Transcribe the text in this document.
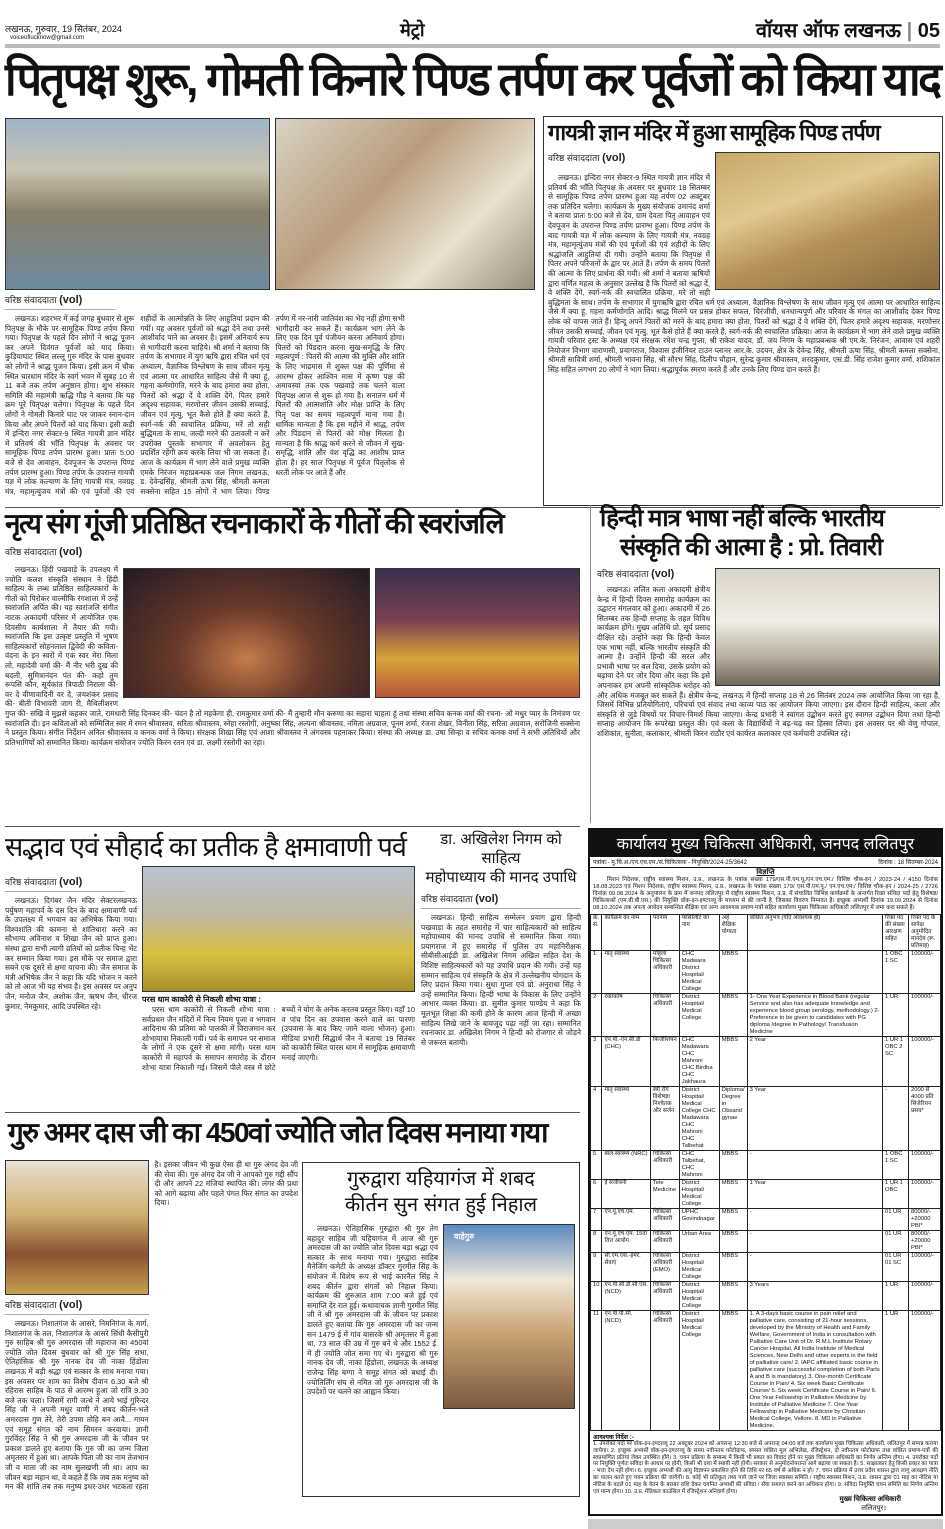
लखनऊ, गुरुवार, 19 सितंबर, 2024
voiceoflucknow@gmail.com	मेट्रो	वॉयस ऑफ लखनऊ | 05
पितृपक्ष शुरू, गोमती किनारे पिण्ड तर्पण कर पूर्वजों को किया याद
वरिष्ठ संवाददाता (vol)
लखनऊ। शहरभर में कई जगह बुधवार से शुरू पितृपक्ष के मौके पर सामूहिक पिण्ड तर्पण किया गया। पितृपक्ष के पहले दिन लोगों ने श्राद्ध पूजन कर अपने दिवंगत पूर्वजों को याद किया। कुड़ियाघाट स्थित लल्लू गुरु मंदिर के पास बुधवार को लोगों ने श्राद्ध पूजन किया। इसी क्रम में चौक स्थित चारधाम मंदिर के स्वर्ग भवन में सुबह 10 से 11 बजे तक तर्पण अनुष्ठान होगा। शुभ संस्कार समिति की महामंत्री ऋद्धि गौड़ ने बताया कि यह क्रम पूरे पितृपक्ष चलेगा। पितृपक्ष के पहले दिन लोगों ने गोमती किनारे घाट पर जाकर स्नान-दान किया और अपने पितरों को याद किया। इसी कड़ी में इन्दिरा नगर सेक्टर-9 स्थित गायत्री ज्ञान मंदिर में प्रतिवर्ष की भाँति पितृपक्ष के अवसर पर सामूहिक पिण्ड तर्पण प्रारम्भ हुआ। प्रातः 5:00 बजे से देव आवाहन, देवपूजन के उपरान्त पिण्ड तर्पण प्रारम्भ हुआ। पिण्ड तर्पण के उपरान्त गायत्री यज्ञ में लोक कल्याण के लिए गायत्री मंत्र, नवग्रह मंत्र, महामृत्युंजय मंत्रों की एवं पूर्वजों की एवं शहीदों के आत्मोन्नति के लिए आहुतियां प्रदान की गयीं। यह अवसर पूर्वजों को श्रद्धा देने तथा उनसे आशीर्वाद पाने का अवसर है। इसमें अनिवार्य रूप से भागीदारी करना चाहिये। श्री शर्मा ने बताया कि तर्पण के सभागार में युग ऋषि द्वारा रचित धर्म एवं अध्यात्म, वैज्ञानिक विश्लेषण के साथ जीवन मृत्यु एवं आत्मा पर आधारित साहित्य जैसे मैं क्या हूं, गहना कर्मणोगति, मरने के बाद हमारा क्या होता, पितरों को श्रद्धा दें वे शक्ति देंगे, पितर हमारे अदृश्य सहायक, मरणोत्तर जीवन उसकी सच्चाई, जीवन एवं मृत्यु, भूत कैसे होते हैं क्या करते हैं, स्वर्ग-नर्क की स्वचालित प्रक्रिया, मरें तो सही बुद्धिमता के साथ, जल्दी मरने की उतावली न करें उपरोक्त पुस्तकें सभागार में अवलोकन हेतु प्रदर्शित रहेंगी क्रय करके लिया भी जा सकता है। आज के कार्यक्रम में भाग लेने वाले प्रमुख व्यक्ति एमके निरंजन महाप्रबन्धक जल निगम लखनऊ, ड. देवेन्द्रसिंह, श्रीमती ऊषा सिंह, श्रीमती कमला सक्सेना सहित 15 लोगों ने भाग लिया। पिण्ड तर्पण में नर-नारी जातिवंश का भेद नहीं होगा सभी भागीदारी कर सकते हैं। कार्यक्रम भाग लेने के लिए एक दिन पूर्व पंजीयन करना अनिवार्य होगा। पितरों को पिंडदान करना सुख-समृद्धि के लिए महत्वपूर्ण : पितरों की आत्मा की मुक्ति और शांति के लिए भाद्रमास में शुक्ल पक्ष की पूर्णिमा से आरम्भ होकर आश्विन मास में कृष्ण पक्ष की अमावस्या तक एक पखवाड़े तक चलने वाला पितृपक्ष आज से शुरू हो गया है। सनातन धर्म में पितरों की आत्मशांति और मोक्ष प्राप्ति के लिए पितृ पक्ष का समय महत्वपूर्ण माना गया है। धार्मिक मान्यता है कि इस महीने में श्राद्ध, तर्पण और पिंडदान से पितरों को मोक्ष मिलता है। मान्यता है कि श्राद्ध कर्म करने से जीवन में सुख-समृद्धि, शांति और वंश वृद्धि का आशीष प्राप्त होता है। हर साल पितृपक्ष में पूर्वज पितृलोक से धरती लोक पर आते हैं और
गायत्री ज्ञान मंदिर में हुआ सामूहिक पिण्ड तर्पण
वरिष्ठ संवाददाता (vol)
लखनऊ। इन्दिरा नगर सेक्टर-9 स्थित गायत्री ज्ञान मंदिर में प्रतिवर्ष की भाँति पितृपक्ष के अवसर पर बुधवार 18 सितम्बर से सामूहिक पिण्ड तर्पण प्रारम्भ हुआ यह तर्पण 02 अक्टूबर तक प्रतिदिन चलेगा। कार्यक्रम के मुख्य संयोजक उमानंद शर्मा ने बताया प्रातः 5:00 बजे से देव, ग्राम देवता पितृ आवाहन एवं देवपूजन के उपरान्त पिण्ड तर्पण प्रारम्भ हुआ। पिण्ड तर्पण के बाद गायत्री यज्ञ में लोक कल्याण के लिए गायत्री मंत्र, नवग्रह मंत्र, महामृत्युंजय मंत्रों की एवं पूर्वजों की एवं शहीदों के लिए श्रद्धांजलि आहुतियां दी गयी। उन्होंने बताया कि पितृपक्ष में पितर अपने परिजनों के द्वार पर आते हैं। तर्पण के समय पितरों की आत्मा के लिए प्रार्थना की गयी। श्री शर्मा ने बताया ऋषियों द्वारा वर्णित महत्व के अनुसार उल्लेख है कि पितरों को श्रद्धा दें, वे शक्ति देंगे, स्वर्ग-नर्क की स्वचालित प्रक्रिया, मरे तो सही बुद्धिमता के साथ। तर्पण के सभागार में युगऋषि द्वारा रचित धर्म एवं अध्यात्म, वैज्ञानिक विश्लेषण के साथ जीवन मृत्यु एवं आत्मा पर आधारित साहित्य जैसे मैं क्या हूं, गहना कर्मणोगति आदि। श्राद्ध मिलने पर प्रसन्न होकर सफल, चिरंजीवी, धनधान्यपूर्ण और परिवार के मंगल का आशीर्वाद देकर पिण्ड लोक को वापस जाते हैं। हिन्दू अपने पितरों को मरने के बाद हमारा क्या होता, पितरों को श्रद्धा दें वे शक्ति देंगे, पितर हमारे अदृश्य सहायक, मरणोत्तर जीवन उसकी सच्चाई, जीवन एवं मृत्यु, भूत कैसे होते हैं क्या करते हैं, स्वर्ग-नर्क की स्वचालित प्रक्रिया। आज के कार्यक्रम में भाग लेने वाले प्रमुख व्यक्ति गायत्री परिवार ट्रस्ट के अध्यक्ष एवं संरक्षक रमेश चन्द्र गुप्ता, श्री राकेश यादव, डॉ. जय निगम के महाप्रबन्धक श्री एम.के. निरंजन, आवास एवं शहरी नियोजन विभाग वाराणसी, प्रयागराज, विश्वास इंजीनियर टाउन प्लानर आर.के. उदयन, क्षेत्र के देवेन्द्र सिंह, श्रीमती ऊषा सिंह, श्रीमती कमला सक्सेना, श्रीमती सावित्री शर्मा, श्रीमती भावना सिंह, श्री सौरभ सिंह, दिलीप चौहान, सुरेन्द्र कुमार श्रीवास्तव, शरदकुमार, एस.डी. सिंह राजेश कुमार वर्मा, शशिकांत सिंह सहित लगभग 20 लोगों ने भाग लिया। श्रद्धापूर्वक स्मरण करते हैं और उनके लिए पिण्ड दान करते हैं।
नृत्य संग गूंजी प्रतिष्ठित रचनाकारों के गीतों की स्वरांजलि
वरिष्ठ संवाददाता (vol)
लखनऊ। हिंदी पखवाड़े के उपलक्ष्य में ज्योति कलश संस्कृति संस्थान ने हिंदी साहित्य के लब्ध प्रतिष्ठित साहित्यकारों के गीतों को पिरोकर वाल्मीकि रंगशाला में उन्हें स्वरांजलि अर्पित की। यह स्वरांजलि संगीत नाटक अकादमी परिसर में आयोजित एक दिवसीय कार्यशाला में तैयार की गयी। स्वरांजलि कि इस उत्कृष्ट प्रस्तुति में भूषण साहित्यकारों सोहनलाल द्विवेदी की कविता- वंदना के इन स्वरों में एक स्वर मेरा मिला लो, महादेवी वर्मा की- मैं नीर भरी दुख की बदली, सुमित्रानंदन पंत की- कहो तुम रूपसि कौन, सूर्यकांत त्रिपाठी निराला की- वर दे वीणावादिनी वर दे, जयशंकर प्रसाद की- बीती विभावरी जाग री, मैथिलीशरण गुप्त की- सखि वे मुझसे कहकर जाते, रामधारी सिंह दिनकर की- चंदन है तो महकेगा ही, रामकुमार वर्मा की- मैं तुम्हारी मौन करुणा का सहारा चाहता हूं तथा संस्था सचिव कनक वर्मा की रचना- ओ मधुर प्यार के निमंत्रण पर स्वरांजलि दी। इन कविताओं को सम्मिलित स्वर में रमन श्रीवास्तव, सरिता श्रीवास्तव, स्नेहा रस्तोगी, अनुष्का सिंह, अल्पना श्रीवास्तव, नमिता अग्रवाल, पूनम शर्मा, रंजना शेखर, विनीता सिंह, सरिता अग्रवाल, सरोजिनी सक्सेना ने प्रस्तुत किया। संगीत निर्देशन अनिल श्रीवास्तव व कनक वर्मा ने किया। संरक्षक शिखा सिंह एवं आशा श्रीवास्तव ने अंगवस्त्र पहनाकर किया। संस्था की अध्यक्ष डा. उषा सिन्हा व सचिव कनक वर्मा ने सभी अतिथियों और प्रतिभागियों को सम्मानित किया। कार्यक्रम संयोजन ज्योति किरन रतन एवं डा. लक्ष्मी रस्तोगी का रहा।
हिन्दी मात्र भाषा नहीं बल्कि भारतीय
संस्कृति की आत्मा है : प्रो. तिवारी
वरिष्ठ संवाददाता (vol)
लखनऊ। ललित कला अकादमी क्षेत्रीय केन्द्र में हिन्दी दिवस समारोह कार्यक्रम का उद्घाटन मंगलवार को हुआ। अकादमी में 26 सितम्बर तक हिन्दी सप्ताह के तहत विविध कार्यक्रम होंगे। मुख्य अतिथि प्रो. सूर्य प्रसाद दीक्षित रहे। उन्होंने कहा कि हिन्दी केवल एक भाषा नहीं, बल्कि भारतीय संस्कृति की आत्मा है। उन्होंने हिन्दी की सरल और प्रभावी भाषा पर बल दिया, उसके प्रयोग को बढ़ावा देने पर जोर दिया और कहा कि इसे अपनाकर हम अपनी सांस्कृतिक धरोहर को और अधिक मजबूत कर सकते हैं। क्षेत्रीय केन्द्र, लखनऊ में हिन्दी सप्ताह 18 से 26 सितंबर 2024 तक आयोजित किया जा रहा है, जिसमें विभिन्न प्रतियोगिताएं, परिचर्चा एवं संवाद तथा काव्य पाठ का आयोजन किया जाएगा। इस दौरान हिन्दी साहित्य, कला और संस्कृति से जुड़े विषयों पर विचार-विमर्श किया जाएगा। केन्द्र प्रभारी ने स्वागत उद्बोधन करते हुए स्वागत उद्बोधन दिया तथा हिन्दी सप्ताह आयोजन कि रूपरेखा प्रस्तुत की। एवं कला के विद्यार्थियों ने बढ़-चढ़ कर हिस्सा लिया। इस अवसर पर श्री वेणु गोपाल, शशिकांत, सुनीता, कलाकार, श्रीमती किरन राठौर एवं कार्यरत कलाकार एवं कर्मचारी उपस्थित रहे।
सद्भाव एवं सौहार्द का प्रतीक है क्षमावाणी पर्व
परस धाम काकोरी से निकली शोभा यात्रा :
परस धाम काकोरी से निकली शोभा यात्रा : सर्वप्रथम जैन मंदिरों में नित्य नियम पूजा व भगवान आदिनाथ की प्रतिमा को पालकी में विराजमान कर शोभायात्रा निकाली गयी। पर्व के समापन पर समाज के लोगों ने एक दूसरे से क्षमा मांगी। परस धाम काकोरी में महापर्व के समापन समारोह के दौरान शोभा यात्रा निकाली गई। जिसमें पीले वस्त्र में छोटे बच्चों ने योग के अनेक करतब प्रस्तुत किए। यहाँ 10 व पांच दिन का उपवास करने वाले का पारणा (उपवास के बाद किए जाने वाला भोजन) हुआ। मीडिया प्रभारी सिद्धार्थ जैन ने बताया 19 सितंबर को काकोरी स्थित पारस धाम में सामूहिक क्षमावाणी मनाई जाएगी।
वरिष्ठ संवाददाता (vol)
लखनऊ। दिगंबर जैन मंदिर सेक्टरलखनऊ पर्युषण महापर्व के दस दिन के बाद क्षमावाणी पर्व के उपलक्ष्य में भगवान का अभिषेक किया गया। विश्वशांति की कामना से शांतिधारा करने का सौभाग्य अविनाश व शिखा जैन को प्राप्त हुआ। संस्था द्वारा सभी त्यागी व्रतियों को प्रतीक चिन्ह भेंट कर सम्मान किया गया। इस मौके पर समाज द्वारा सबने एक दूसरे से क्षमा याचना की। जैन समाज के मंत्री अभिषेक जैन ने कहा कि यदि भोजन न करने को तो आज भी यह संभव है। इस अवसर पर अनुप जैन, मनोज जैन, अशोक जैन, ऋषभ जैन, धीरज कुमार, नेमकुमार, आदि उपस्थित रहे।
डा. अखिलेश निगम को साहित्य
महोपाध्याय की मानद उपाधि
वरिष्ठ संवाददाता (vol)
लखनऊ। हिन्दी साहित्य सम्मेलन प्रयाग द्वारा हिन्दी पखवाड़ा के तहत समारोह में चार साहित्यकारों को साहित्य महोपाध्याय की मानद उपाधि से सम्मानित किया गया। प्रयागराज में हुए समारोह में पुलिस उप महानिरीक्षक सीबीसीआईडी डा. अखिलेश निगम अखिल सहित देश के विशिष्ट साहित्यकारों को यह उपाधि प्रदान की गयी। उन्हें यह सम्मान साहित्य एवं संस्कृति के क्षेत्र में उल्लेखनीय योगदान के लिए प्रदान किया गया। सुधा गुप्ता एवं प्रो. अनुराधा सिंह ने उन्हें सम्मानित किया। हिन्दी भाषा के विकास के लिए उन्होंने आभार व्यक्त किया। डा. सुमीत कुमार पाण्डेय ने कहा कि मूलभूत शिक्षा की कमी होने के कारण आज हिन्दी में अच्छा साहित्य लिखे जाने के बावजूद पढ़ा नहीं जा रहा। सम्मानित रचनाकार डा. अखिलेश निगम ने हिन्दी को रोजगार से जोड़ने से जरूरत बतायी।
गुरु अमर दास जी का 450वां ज्योति जोत दिवस मनाया गया
वरिष्ठ संवाददाता (vol)
लखनऊ। निशातगंज के आसरे, निमनिगंज के मार्ग, निशातगंज के तल, निशातगंज के आसरे सिंधी कैसीपुरी गुरु साहिब श्री गुरु अमरदास जी महाराज का 450वां ज्योति जोत दिवस बुधवार को श्री गुरु सिंह सभा, ऐतिहासिक श्री गुरु नानक देव जी नाका हिंडोला लखनऊ में बड़ी श्रद्धा एवं सत्कार के साथ मनाया गया। इस अवसर पर शाम का विशेष दीवान 6.30 बजे श्री रहिरास साहिब के पाठ से आरम्भ हुआ जो रात्रि 9.30 बजे तक चला। जिसमें रागी जत्थे ने आये भाई गुरिन्दर सिंह जी ने अपनी मधुर वाणी में शबद कीर्तन-भले अमरदास गुण तेरे, तेरी उपमा तोहि बन आवै... गायन एवं समूह संगत को नाम सिमरन करवाया। ज्ञानी गुरविंदर सिंह ने श्री गुरु अमरदास जी के जीवन पर प्रकाश डालते हुए बताया कि गुरु जी का जन्म जिला अमृतसर में हुआ था। आपके पिता जी का नाम तेजभान जी व माता जी का नाम सुलखणी जी था। आप का जीवन बड़ा महान था, वे कहते हैं कि जब तक मनुष्य को मन की शांति तब तक मनुष्य इधर-उधर भटकता रहता है। इसका जीवन भी कुछ ऐसा ही था गुरु अंगद देव जी की सेवा की। गुरु अंगद देव जी ने आपको गुरु गद्दी सौंप दी और आपने 22 मंजियां स्थापित की। लंगर की प्रथा को आगे बढ़ाया और पहले पंगत फिर संगत का उपदेश दिया।
गुरुद्वारा यहियागंज में शबद
कीर्तन सुन संगत हुई निहाल
वाहेगुरु
लखनऊ। ऐतिहासिक गुरुद्वारा श्री गुरु तेग बहादुर साहिब जी यहियागंज में आज श्री गुरु अमरदास जी का ज्योति जोत दिवस बड़ा श्रद्धा एवं सत्कार के साथ मनाया गया। गुरुद्वारा साहिब मैनेजिंग कमेटी के अध्यक्ष डॉक्टर गुरमीत सिंह के संयोजन में विशेष रूप से भाई कारनैल सिंह ने शबद कीर्तन द्वारा संगतों को निहाल किया। कार्यक्रम की शुरुआत शाम 7:00 बजे हुई एवं समाप्ति देर रात हुई। कथावाचक ज्ञानी गुरमीत सिंह जी ने श्री गुरु अमरदास जी के जीवन पर प्रकाश डालते हुए बताया कि गुरु अमरदास जी का जन्म सन 1479 ई में गांव बासरके श्री अमृतसर में हुआ था, 73 साल की उम्र में गुरु बने थे और 1552 ई. में ही ज्योति जोत समा गए थे। गुरुद्वारा श्री गुरु नानक देव जी, नाका हिंडोला, लखनऊ के अध्यक्ष राजेन्द्र सिंह बग्गा ने समूह संगत को बधाई दी। ज्योतिर्लिंग संघ से नमित जो गुरु अमरदास जी के उपदेशों पर चलने का आह्वान किया।
कार्यालय मुख्य चिकित्सा अधिकारी, जनपद ललितपुर
पत्रांक:- मु.चि.अ./एन.एच.एम./सं.चिकित्सक - नियुक्ति/2024-25/3642	दिनांक : 18 सितम्बर-2024
विज्ञप्ति
मिशन निदेशक, राष्ट्रीय स्वास्थ्य मिशन, उ.प्र., लखनऊ के पत्रांक संख्या 179/एस.पी.एम.यू./एन.एच.एम./ विशिष्ट चौक-इन / 2023-24 / 4150 दिनांक 18.08.2023 एवं मिशन निदेशक, राष्ट्रीय स्वास्थ्य मिशन, उ.प्र., लखनऊ के पत्रांक संख्या 179/ एस.पी.एम.यू./ एन.एच.एम./ विशिष्ट चौक-इन / 2024-25 / 2726 दिनांक 09.08.2024 के अनुपालन के क्रम में जनपद ललितपुर में राष्ट्रीय स्वास्थ्य मिशन, उ.प्र. में संचालित विभिन्न कार्यक्रमों के अन्तर्गत रिक्त संविदा पदों हेतु विशेषज्ञ/चिकित्सकों (एम.बी.बी.एस.) की नियुक्ति वॉक-इन-इण्टरव्यू के माध्यम से की जानी है, जिसका विवरण निम्नवत है। इच्छुक अभ्यर्थी दिनांक 19.09.2024 से दिनांक 08.10.2024 तक अपना आवेदन सम्बन्धित शैक्षिक एवं अन्य आवश्यक प्रमाण-पत्रों सहित कार्यालय मुख्य चिकित्सा अधिकारी ललितपुर में जमा करा सकते हैं।
क्र. सं.	कार्यक्रम का नाम	पदनाम	फैसिलिटि का नाम	अर्ह शैक्षिक योग्यता	वांछित अनुभव (यदि आवश्यक हो)	रिक्त पद की संख्या आरक्षण सहित	रिक्त पद के सापेक्ष अनुमोदित मानदेय (रू. प्रतिमाह)
1	मातृ स्वास्थ्य	महिला चिकित्सा अधिकारी	CHC Madwara District Hospital/ Medical College	MBBS		1 OBC 1 SC	100000/-
2	रक्तकोष	चिकित्सा अधिकारी	District Hospital/ Medical College	MBBS	1- One Year Experience in Blood Bank (regular Service and also has adequate knowledge and experience blood group serology, methodology.) 2- Preference to be given to candidates with PG diploma /degree in Pathology/ Transfusion Medicine	1 UR	100000/-
3	एन.पी.-एन.सी.डी (CHC)	फिजीशियन	CHC Madawara CHC Mahroni CHC Birdha CHC Jakhaura	MBBS	2 Year	1 UR 1 OBC 2 SC	100000/-
4	मातृ स्वास्थ्य	स्त्री रोग विशेषज्ञ/ निश्चेतक और सर्जन	District Hospital/ Medical College CHC Madawara CHC Mahroni CHC Talbehat	Diploma/ Degree in Obsand gynae	3 Year	-	2000 से 4000 प्रति सिजेरियन प्रसव*
5	बाल स्वास्थ्य (NRC)	चिकित्सा अधिकारी	CHC Talbehat, CHC Mahroni	MBBS	-	1 OBC 1 SC	100000/-
6	ई संजीवनी	Tele Medicine	District Hospital/ Medical College	MBBS	1 Year	1 UR 1 OBC	100000/-
7	एन.यू.एच.एम.	चिकित्सा अधिकारी	UPHC Govindnagar	MBBS	-	01 UR	80000/- +20000 PBI*
8	एन.यू.एच.एम. 15वां वित्त आयोग	चिकित्सा अधिकारी	Urban Area	MBBS	-	01 UR	80000/- +20000 PBI*
9	सी.एम.एस.-इमर. सेवाएं	चिकित्सा अधिकारी (EMO)	District Hospital/ Medical College	MBBS	-	01 UR 01 SC	100000/-
10	एन.पी.सी.डी.सी.एस.(NCD)	चिकित्सा अधिकारी	District Hospital/ Medical College	MBBS	3 Years	1 UR	100000/-
11	एन.पी.पी.सी. (NCD)	चिकित्सा अधिकारी	District Hospital/ Medical College	MBBS	1. A 3-days basic course in pain relief and palliative care, consisting of 21-hour sessions, developed by the Ministry of Health and Family Welfare, Government of India in consultation with Palliative Care Unit of Dr. R.M.L Institute Rotary Cancer Hospital, All India Institute of Medical Sciences, New Delhi and other experts in the field of palliative care/ 2. IAPC affiliated basic course in palliative care (successful completion of both Parts A and B is mandatory) 3. One-month Certificate Course in Pain/ 4. Six week Basic Certificate Course/ 5. Six week Certificate Course in Pain/ 6. One Year Fellowship in Palliative Medicine by Institute of Palliative Medicine 7. One Year Fellowship in Palliative Medicine by Christian Medical College, Vellore. 8. MD in Palliative Medicine.	1 UR	100000/-
आवश्यक निर्देश :-
1. उपरोक्त पदों पर वॉक-इन-इण्टरव्यू 22 अक्टूबर 2024 को अपरान्ह 12:30 बजे से अपरान्ह 04:00 बजे तक कार्यालय मुख्य चिकित्सा अधिकारी, ललितपुर में सम्पन्न कराया जायेगा। 2. इच्छुक अभ्यर्थी वॉक-इन-इण्टरव्यू के समय नवीनतम फोटोग्राफ, समस्त वांछित मूल अभिलेख, रजिस्ट्रेशन, दो नवीनतम फोटोग्राफ तथा वांछित प्रमाण-पत्रों की स्वप्रमाणित प्रतियां लेकर उपस्थित होंगे। 3. चयन प्रक्रिया के सम्बन्ध में किसी भी प्रकार का विवाद होने पर मुख्य चिकित्सा अधिकारी का निर्णय अन्तिम होगा। 4. उपरोक्त पदों पर नियुक्ति पूर्णतः संविदा के आधार पर होगी, किसी भी दशा में स्थायी नहीं होगी। सरकार से अनुमोदनोपरान्त आगे बढ़ाया जा सकता है। 5. साक्षात्कार हेतु किसी प्रकार का यात्रा - भत्ता देय नहीं होगा। 6. इच्छुक अभ्यर्थी की आयु विज्ञापन प्रकाशित होने की तिथि पर 65 वर्ष से अधिक न हो। 7. चयन प्रक्रिया में उत्तर प्रदेश शासन द्वारा लागू आरक्षण नीति का पालन करते हुए चयन प्रक्रिया की जायेगी। 8. कोई भी प्रतिकूल तथ्य पाये जाने पर जिला स्वास्थ्य समिति / राष्ट्रीय स्वास्थ्य मिशन, उ.प्र. शासन द्वारा 01 माह का नोटिस या नोटिस के बदले 01 माह के वेतन के बराबर राशि देकर चयनित अभ्यर्थी की संविदा / सेवा समाप्त करने का अधिकार होगा। 9. संविदा नियुक्ति चयन समिति का निर्णय अन्तिम एवं मान्य होगा। 10. उ.प्र. मेडिकल काउंसिल में रजिस्ट्रेशन अनिवार्य होगा।
मुख्य चिकित्सा अधिकारी
ललितपुर।
